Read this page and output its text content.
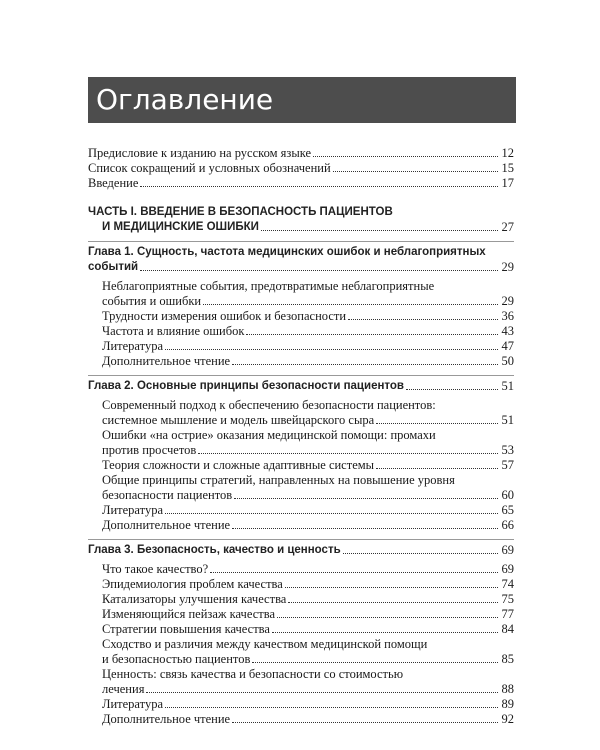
Оглавление
Предисловие к изданию на русском языке	12
Список сокращений и условных обозначений	15
Введение	17
ЧАСТЬ I. ВВЕДЕНИЕ В БЕЗОПАСНОСТЬ ПАЦИЕНТОВ
И МЕДИЦИНСКИЕ ОШИБКИ	27
Глава 1. Сущность, частота медицинских ошибок и неблагоприятных
событий	29
Неблагоприятные события, предотвратимые неблагоприятные
события и ошибки	29
Трудности измерения ошибок и безопасности	36
Частота и влияние ошибок	43
Литература	47
Дополнительное чтение	50
Глава 2. Основные принципы безопасности пациентов	51
Современный подход к обеспечению безопасности пациентов:
системное мышление и модель швейцарского сыра	51
Ошибки «на острие» оказания медицинской помощи: промахи
против просчетов	53
Теория сложности и сложные адаптивные системы	57
Общие принципы стратегий, направленных на повышение уровня
безопасности пациентов	60
Литература	65
Дополнительное чтение	66
Глава 3. Безопасность, качество и ценность	69
Что такое качество?	69
Эпидемиология проблем качества	74
Катализаторы улучшения качества	75
Изменяющийся пейзаж качества	77
Стратегии повышения качества	84
Сходство и различия между качеством медицинской помощи
и безопасностью пациентов	85
Ценность: связь качества и безопасности со стоимостью
лечения	88
Литература	89
Дополнительное чтение	92
